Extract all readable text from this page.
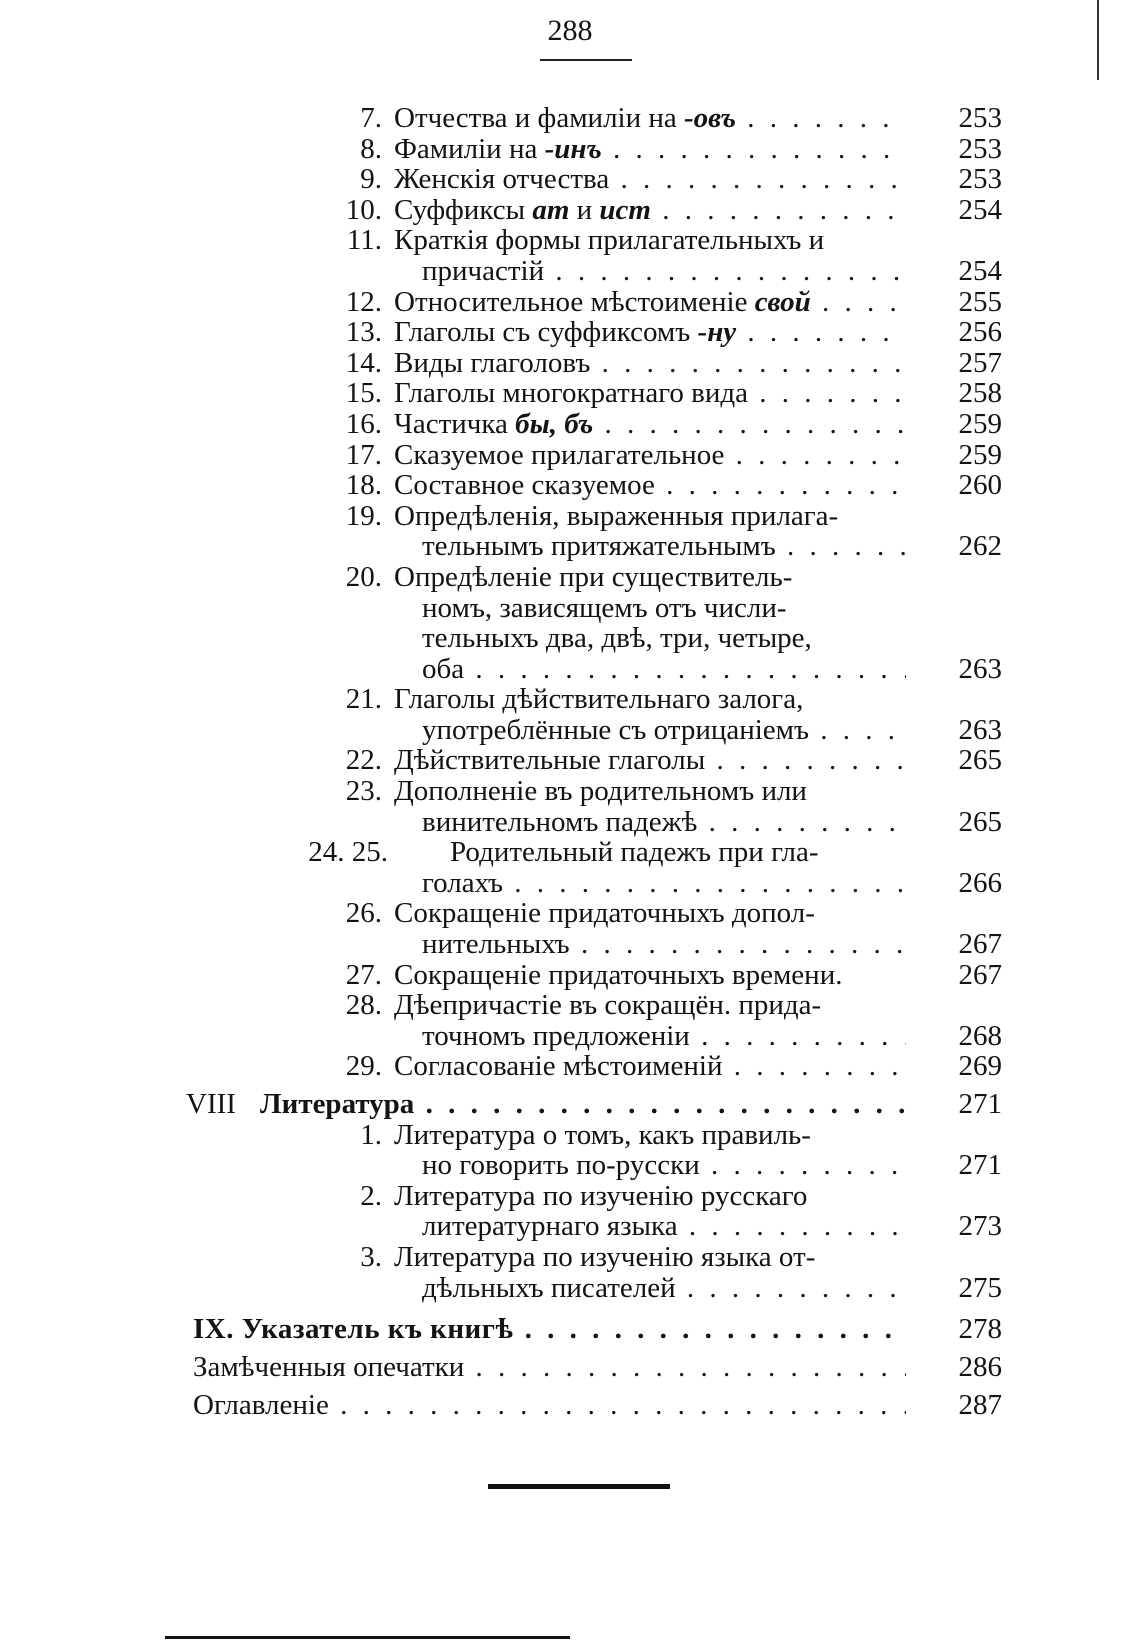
288
7. Отчества и фамиліи на -овъ . . .	253
8. Фамиліи на -инъ . . .	253
9. Женскія отчества . . .	253
10. Суффиксы ат и ист . . .	254
11. Краткія формы прилагательныхъ и
причастій . . .	254
12. Относительное мѣстоименіе свой . . .	255
13. Глаголы съ суффиксомъ -ну . . .	256
14. Виды глаголовъ . . .	257
15. Глаголы многократнаго вида . . .	258
16. Частичка бы, бъ . . .	259
17. Сказуемое прилагательное . . .	259
18. Составное сказуемое . . .	260
19. Опредѣленія, выраженныя прилага-
тельнымъ притяжательнымъ . . .	262
20. Опредѣленіе при существитель-
номъ, зависящемъ отъ числи-
тельныхъ два, двѣ, три, четыре,
оба . . .	263
21. Глаголы дѣйствительнаго залога,
употреблённые съ отрицаніемъ . . .	263
22. Дѣйствительные глаголы . . .	265
23. Дополненіе въ родительномъ или
винительномъ падежѣ . . .	265
24. 25. Родительный падежъ при гла-
голахъ . . .	266
26. Сокращеніе придаточныхъ допол-
нительныхъ . . .	267
27. Сокращеніе придаточныхъ времени.	267
28. Дѣепричастіе въ сокращён. прида-
точномъ предложеніи . . .	268
29. Согласованіе мѣстоименій . . .	269
VIII Литература . . .	271
1. Литература о томъ, какъ правиль-
но говорить по-русски . . .	271
2. Литература по изученію русскаго
литературнаго языка . . .	273
3. Литература по изученію языка от-
дѣльныхъ писателей . . .	275
IX. Указатель къ книгѣ . . .	278
Замѣченныя опечатки . . .	286
Оглавленіе . . .	287
